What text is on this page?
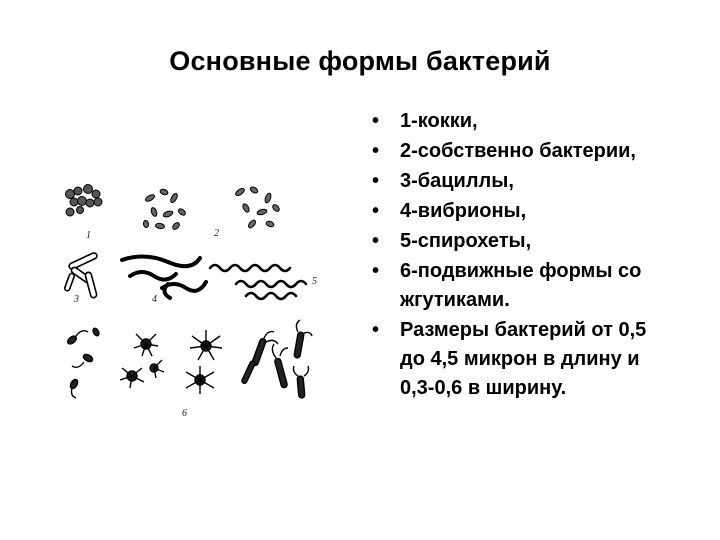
Основные формы бактерий
1	2
3	4
5
6
•	1-кокки,
•	2-собственно бактерии,
•	3-бациллы,
•	4-вибрионы,
•	5-спирохеты,
•	6-подвижные формы со жгутиками.
•	Размеры бактерий от 0,5 до 4,5 микрон в длину и 0,3-0,6 в ширину.
